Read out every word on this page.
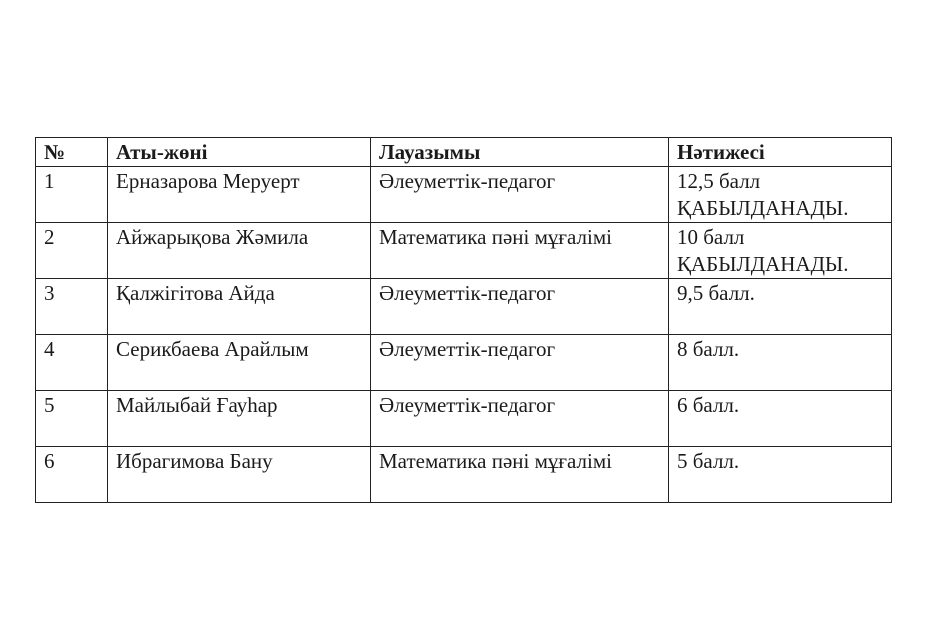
№	Аты-жөні	Лауазымы	Нәтижесі
1	Ерназарова Меруерт	Әлеуметтік-педагог	12,5 балл
ҚАБЫЛДАНАДЫ.

2	Айжарықова Жәмила	Математика пәні мұғалімі	10 балл
ҚАБЫЛДАНАДЫ.

3	Қалжігітова Айда	Әлеуметтік-педагог	9,5 балл.
4	Серикбаева Арайлым	Әлеуметтік-педагог	8 балл.
5	Майлыбай Ғауһар	Әлеуметтік-педагог	6 балл.
6	Ибрагимова Бану	Математика пәні мұғалімі	5 балл.
